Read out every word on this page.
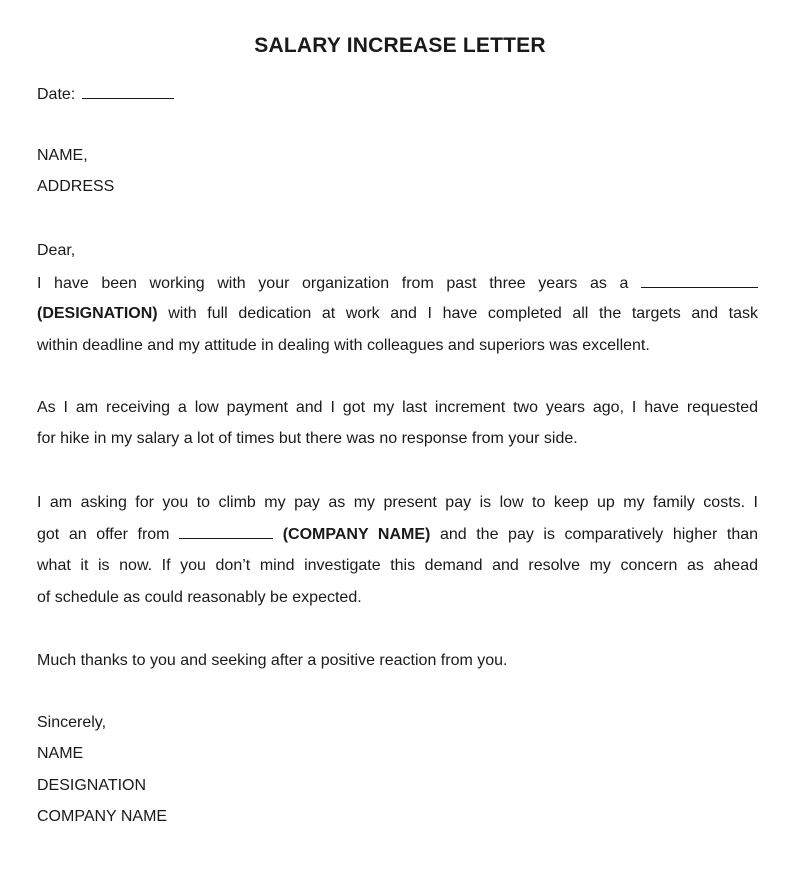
SALARY INCREASE LETTER
Date:
NAME,
ADDRESS
Dear,
I have been working with your organization from past three years as a
(DESIGNATION) with full dedication at work and I have completed all the targets and task
within deadline and my attitude in dealing with colleagues and superiors was excellent.
As I am receiving a low payment and I got my last increment two years ago, I have requested
for hike in my salary a lot of times but there was no response from your side.
I am asking for you to climb my pay as my present pay is low to keep up my family costs. I
got an offer from	(COMPANY NAME) and the pay is comparatively higher than
what it is now. If you don’t mind investigate this demand and resolve my concern as ahead
of schedule as could reasonably be expected.
Much thanks to you and seeking after a positive reaction from you.
Sincerely,
NAME
DESIGNATION
COMPANY NAME
